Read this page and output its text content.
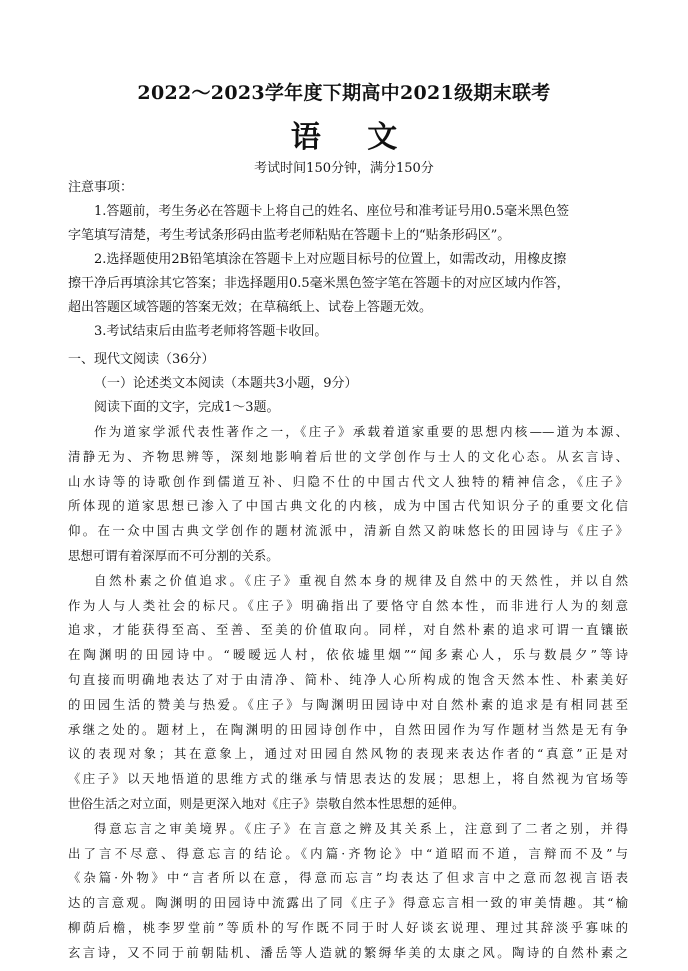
2022～2023学年度下期高中2021级期末联考
语 文
考试时间150分钟，满分150分
注意事项：
　　1.答题前，考生务必在答题卡上将自己的姓名、座位号和准考证号用0.5毫米黑色签
字笔填写清楚，考生考试条形码由监考老师粘贴在答题卡上的“贴条形码区”。
　　2.选择题使用2B铅笔填涂在答题卡上对应题目标号的位置上，如需改动，用橡皮擦
擦干净后再填涂其它答案；非选择题用0.5毫米黑色签字笔在答题卡的对应区域内作答，
超出答题区域答题的答案无效；在草稿纸上、试卷上答题无效。
　　3.考试结束后由监考老师将答题卡收回。
一、现代文阅读（36分）
（一）论述类文本阅读（本题共3小题，9分）
阅读下面的文字，完成1～3题。
作为道家学派代表性著作之一，《庄子》承载着道家重要的思想内核——道为本源、
清静无为、齐物思辨等，深刻地影响着后世的文学创作与士人的文化心态。从玄言诗、
山水诗等的诗歌创作到儒道互补、归隐不仕的中国古代文人独特的精神信念，《庄子》
所体现的道家思想已渗入了中国古典文化的内核，成为中国古代知识分子的重要文化信
仰。在一众中国古典文学创作的题材流派中，清新自然又韵味悠长的田园诗与《庄子》
思想可谓有着深厚而不可分割的关系。
自然朴素之价值追求。《庄子》重视自然本身的规律及自然中的天然性，并以自然
作为人与人类社会的标尺。《庄子》明确指出了要恪守自然本性，而非进行人为的刻意
追求，才能获得至高、至善、至美的价值取向。同样，对自然朴素的追求可谓一直镶嵌
在陶渊明的田园诗中。“暧暧远人村，依依墟里烟”“闻多素心人，乐与数晨夕”等诗
句直接而明确地表达了对于由清净、简朴、纯净人心所构成的饱含天然本性、朴素美好
的田园生活的赞美与热爱。《庄子》与陶渊明田园诗中对自然朴素的追求是有相同甚至
承继之处的。题材上，在陶渊明的田园诗创作中，自然田园作为写作题材当然是无有争
议的表现对象；其在意象上，通过对田园自然风物的表现来表达作者的“真意”正是对
《庄子》以天地悟道的思维方式的继承与情思表达的发展；思想上，将自然视为官场等
世俗生活之对立面，则是更深入地对《庄子》崇敬自然本性思想的延伸。
得意忘言之审美境界。《庄子》在言意之辨及其关系上，注意到了二者之别，并得
出了言不尽意、得意忘言的结论。《内篇·齐物论》中“道昭而不道，言辩而不及”与
《杂篇·外物》中“言者所以在意，得意而忘言”均表达了但求言中之意而忽视言语表
达的言意观。陶渊明的田园诗中流露出了同《庄子》得意忘言相一致的审美情趣。其“榆
柳荫后檐，桃李罗堂前”等质朴的写作既不同于时人好谈玄说理、理过其辞淡乎寡味的
玄言诗，又不同于前朝陆机、潘岳等人造就的繁缛华美的太康之风。陶诗的自然朴素之
